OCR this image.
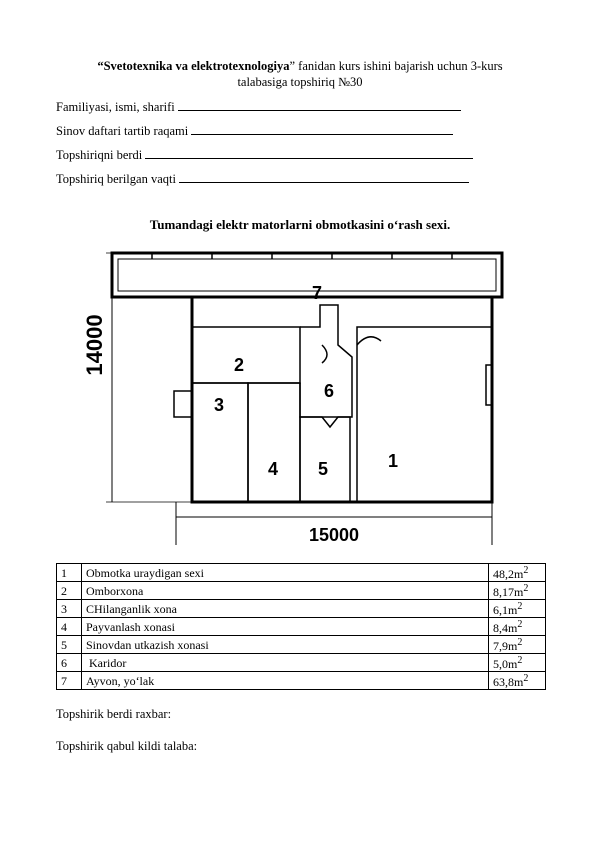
“Svetotexnika va elektrotexnologiya” fanidan kurs ishini bajarish uchun 3-kurs
talabasiga topshiriq №30
Familiyasi, ismi, sharifi
Sinov daftari tartib raqami
Topshiriqni berdi
Topshiriq berilgan vaqti
Tumandagi elektr matorlarni obmotkasini o‘rash sexi.
14000
15000
1
2
3
4 5
6
7
1	Obmotka uraydigan sexi	$48,2m^2$
2	Omborxona	$8,17m^2$
3	CHilanganlik xona	$6,1m^2$
4	Payvanlash xonasi	$8,4m^2$
5	Sinovdan utkazish xonasi	$7,9m^2$
6	Karidor	$5,0m^2$
7	Ayvon, yo‘lak	$63,8m^2$
Topshirik berdi raxbar:
Topshirik qabul kildi talaba:
